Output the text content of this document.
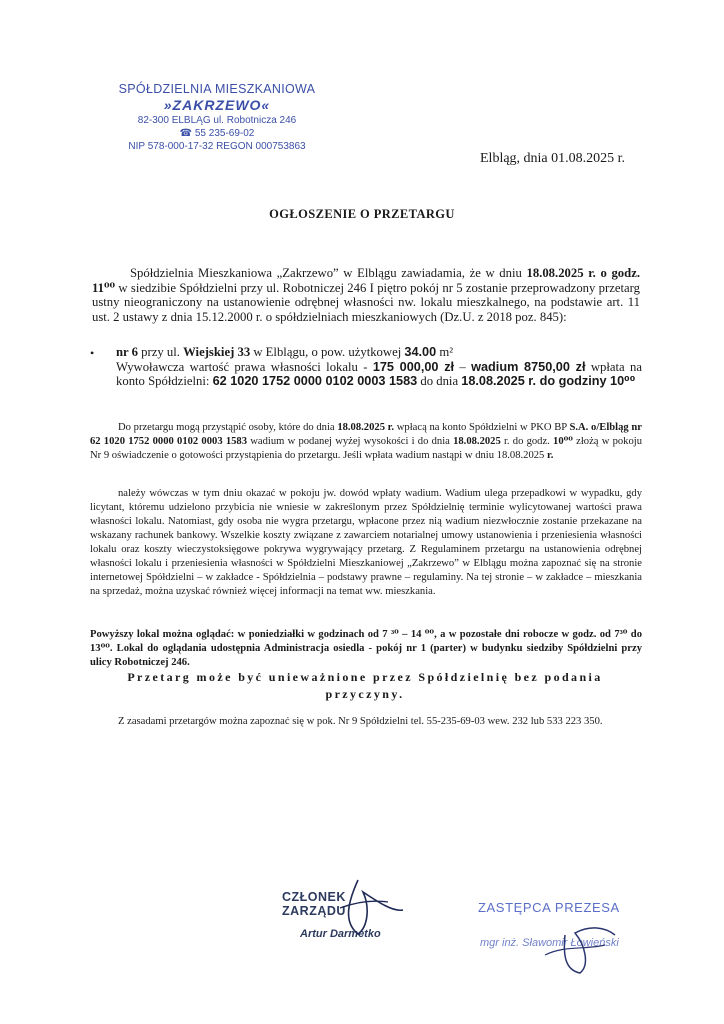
SPÓŁDZIELNIA MIESZKANIOWA
»ZAKRZEWO«
82-300 ELBLĄG ul. Robotnicza 246
☎ 55 235-69-02
NIP 578-000-17-32 REGON 000753863
Elbląg, dnia 01.08.2025 r.
OGŁOSZENIE O PRZETARGU
Spółdzielnia Mieszkaniowa „Zakrzewo” w Elblągu zawiadamia, że w dniu 18.08.2025 r. o godz. 11⁰⁰ w siedzibie Spółdzielni przy ul. Robotniczej 246 I piętro pokój nr 5 zostanie przeprowadzony przetarg ustny nieograniczony na ustanowienie odrębnej własności nw. lokalu mieszkalnego, na podstawie art. 11 ust. 2 ustawy z dnia 15.12.2000 r. o spółdzielniach mieszkaniowych (Dz.U. z 2018 poz. 845):
• nr 6 przy ul. Wiejskiej 33 w Elblągu, o pow. użytkowej 34.00 m²
Wywoławcza wartość prawa własności lokalu - 175 000,00 zł – wadium 8750,00 zł wpłata na konto Spółdzielni: 62 1020 1752 0000 0102 0003 1583 do dnia 18.08.2025 r. do godziny 10⁰⁰
Do przetargu mogą przystąpić osoby, które do dnia 18.08.2025 r. wpłacą na konto Spółdzielni w PKO BP S.A. o/Elbląg nr 62 1020 1752 0000 0102 0003 1583 wadium w podanej wyżej wysokości i do dnia 18.08.2025 r. do godz. 10⁰⁰ złożą w pokoju Nr 9 oświadczenie o gotowości przystąpienia do przetargu. Jeśli wpłata wadium nastąpi w dniu 18.08.2025 r.
należy wówczas w tym dniu okazać w pokoju jw. dowód wpłaty wadium. Wadium ulega przepadkowi w wypadku, gdy licytant, któremu udzielono przybicia nie wniesie w zakreślonym przez Spółdzielnię terminie wylicytowanej wartości prawa własności lokalu. Natomiast, gdy osoba nie wygra przetargu, wpłacone przez nią wadium niezwłocznie zostanie przekazane na wskazany rachunek bankowy. Wszelkie koszty związane z zawarciem notarialnej umowy ustanowienia i przeniesienia własności lokalu oraz koszty wieczystoksięgowe pokrywa wygrywający przetarg. Z Regulaminem przetargu na ustanowienia odrębnej własności lokalu i przeniesienia własności w Spółdzielni Mieszkaniowej „Zakrzewo” w Elblągu można zapoznać się na stronie internetowej Spółdzielni – w zakładce - Spółdzielnia – podstawy prawne – regulaminy. Na tej stronie – w zakładce – mieszkania na sprzedaż, można uzyskać również więcej informacji na temat ww. mieszkania.
Powyższy lokal można oglądać: w poniedziałki w godzinach od 7 ³⁰ – 14 ⁰⁰, a w pozostałe dni robocze w godz. od 7³⁰ do 13⁰⁰. Lokal do oglądania udostępnia Administracja osiedla - pokój nr 1 (parter) w budynku siedziby Spółdzielni przy ulicy Robotniczej 246.
Przetarg może być unieważnione przez Spółdzielnię bez podania przyczyny.
Z zasadami przetargów można zapoznać się w pok. Nr 9 Spółdzielni tel. 55-235-69-03 wew. 232 lub 533 223 350.
CZŁONEK ZARZĄDU
Artur Darmetko
ZASTĘPCA PREZESA
mgr inż. Sławomir Łowieński
